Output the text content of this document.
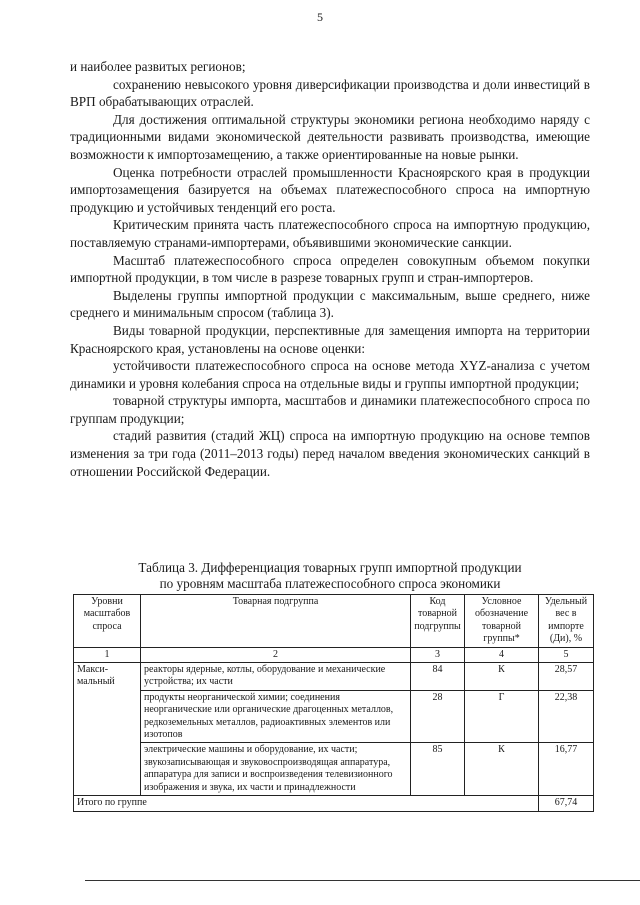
5

и наиболее развитых регионов;

сохранению невысокого уровня диверсификации производства и доли инвестиций в ВРП обрабатывающих отраслей.

Для достижения оптимальной структуры экономики региона необходимо наряду с традиционными видами экономической деятельности развивать производства, имеющие возможности к импортозамещению, а также ориентированные на новые рынки.

Оценка потребности отраслей промышленности Красноярского края в продукции импортозамещения базируется на объемах платежеспособного спроса на импортную продукцию и устойчивых тенденций его роста.

Критическим принята часть платежеспособного спроса на импортную продукцию, поставляемую странами-импортерами, объявившими экономические санкции.

Масштаб платежеспособного спроса определен совокупным объемом покупки импортной продукции, в том числе в разрезе товарных групп и стран-импортеров.

Выделены группы импортной продукции с максимальным, выше среднего, ниже среднего и минимальным спросом (таблица 3).

Виды товарной продукции, перспективные для замещения импорта на территории Красноярского края, установлены на основе оценки:

устойчивости платежеспособного спроса на основе метода XYZ-анализа с учетом динамики и уровня колебания спроса на отдельные виды и группы импортной продукции;

товарной структуры импорта, масштабов и динамики платежеспособного спроса по группам продукции;

стадий развития (стадий ЖЦ) спроса на импортную продукцию на основе темпов изменения за три года (2011–2013 годы) перед началом введения экономических санкций в отношении Российской Федерации.

Таблица 3. Дифференциация товарных групп импортной продукции
по уровням масштаба платежеспособного спроса экономики
Уровни масштабов спроса	Товарная подгруппа	Код товарной подгруппы	Условное обозначение товарной группы*	Удельный вес в импорте (Ди), %
1	2	3	4	5
Макси-мальный	реакторы ядерные, котлы, оборудование и механические устройства; их части	84	К	28,57
	продукты неорганической химии; соединения неорганические или органические драгоценных металлов, редкоземельных металлов, радиоактивных элементов или изотопов	28	Г	22,38
	электрические машины и оборудование, их части; звукозаписывающая и звуковоспроизводящая аппаратура, аппаратура для записи и воспроизведения телевизионного изображения и звука, их части и принадлежности	85	К	16,77
Итого по группе				67,74
